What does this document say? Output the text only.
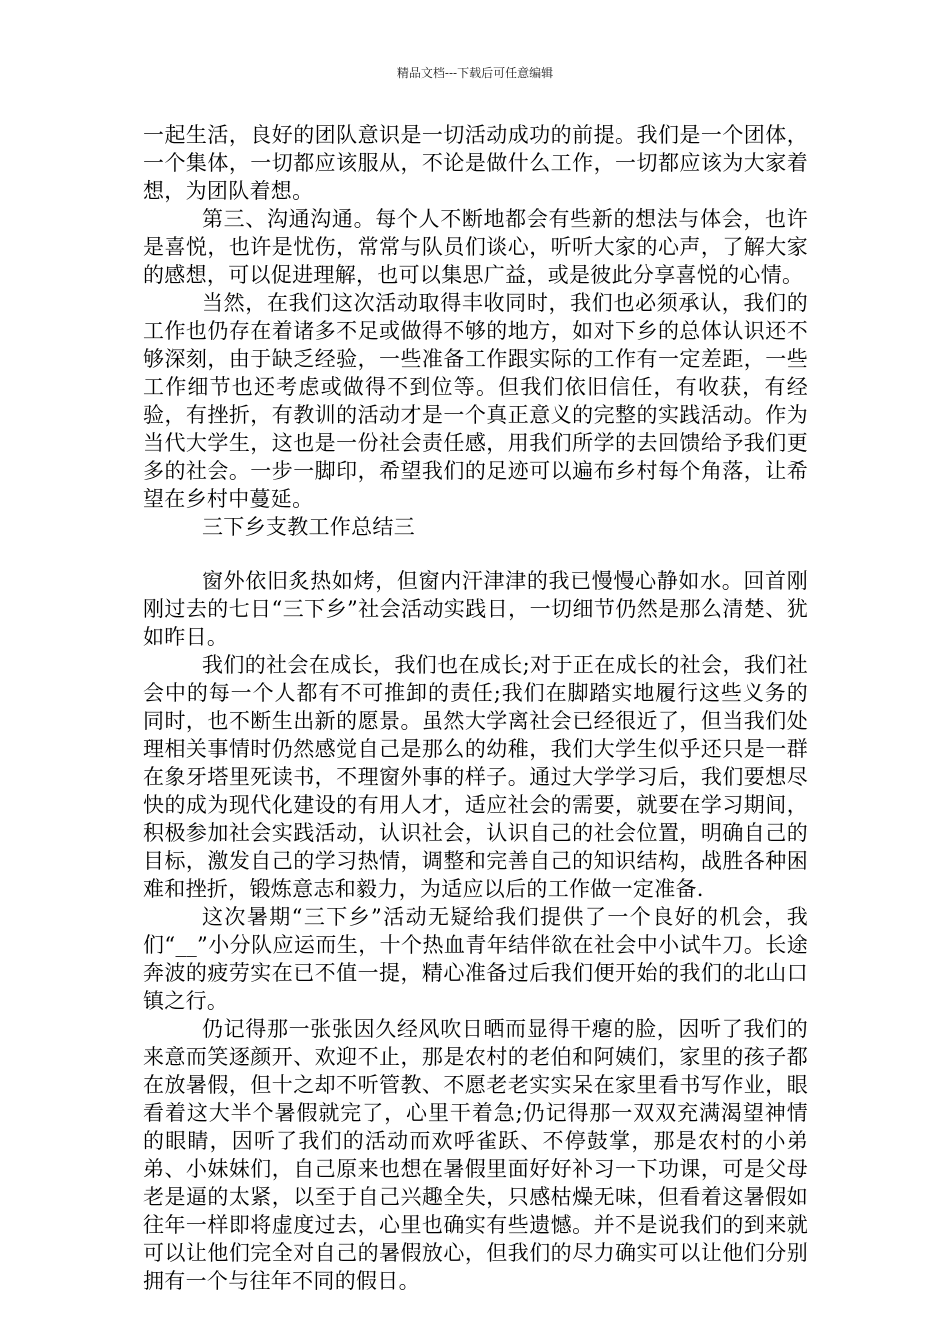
精品文档---下载后可任意编辑

一起生活，良好的团队意识是一切活动成功的前提。我们是一个团体，一个集体，一切都应该服从，不论是做什么工作，一切都应该为大家着想，为团队着想。

第三、沟通沟通。每个人不断地都会有些新的想法与体会，也许是喜悦，也许是忧伤，常常与队员们谈心，听听大家的心声，了解大家的感想，可以促进理解，也可以集思广益，或是彼此分享喜悦的心情。

当然，在我们这次活动取得丰收同时，我们也必须承认，我们的工作也仍存在着诸多不足或做得不够的地方，如对下乡的总体认识还不够深刻，由于缺乏经验，一些准备工作跟实际的工作有一定差距，一些工作细节也还考虑或做得不到位等。但我们依旧信任，有收获，有经验，有挫折，有教训的活动才是一个真正意义的完整的实践活动。作为当代大学生，这也是一份社会责任感，用我们所学的去回馈给予我们更多的社会。一步一脚印，希望我们的足迹可以遍布乡村每个角落，让希望在乡村中蔓延。

三下乡支教工作总结三

窗外依旧炙热如烤，但窗内汗津津的我已慢慢心静如水。回首刚刚过去的七日“三下乡”社会活动实践日，一切细节仍然是那么清楚、犹如昨日。

我们的社会在成长，我们也在成长;对于正在成长的社会，我们社会中的每一个人都有不可推卸的责任;我们在脚踏实地履行这些义务的同时，也不断生出新的愿景。虽然大学离社会已经很近了，但当我们处理相关事情时仍然感觉自己是那么的幼稚，我们大学生似乎还只是一群在象牙塔里死读书，不理窗外事的样子。通过大学学习后，我们要想尽快的成为现代化建设的有用人才，适应社会的需要，就要在学习期间，积极参加社会实践活动，认识社会，认识自己的社会位置，明确自己的目标，激发自己的学习热情，调整和完善自己的知识结构，战胜各种困难和挫折，锻炼意志和毅力，为适应以后的工作做一定准备.

这次暑期“三下乡”活动无疑给我们提供了一个良好的机会，我们“__”小分队应运而生，十个热血青年结伴欲在社会中小试牛刀。长途奔波的疲劳实在已不值一提，精心准备过后我们便开始的我们的北山口镇之行。

仍记得那一张张因久经风吹日晒而显得干瘪的脸，因听了我们的来意而笑逐颜开、欢迎不止，那是农村的老伯和阿姨们，家里的孩子都在放暑假，但十之却不听管教、不愿老老实实呆在家里看书写作业，眼看着这大半个暑假就完了，心里干着急;仍记得那一双双充满渴望神情的眼睛，因听了我们的活动而欢呼雀跃、不停鼓掌，那是农村的小弟弟、小妹妹们，自己原来也想在暑假里面好好补习一下功课，可是父母老是逼的太紧，以至于自己兴趣全失，只感枯燥无味，但看着这暑假如往年一样即将虚度过去，心里也确实有些遗憾。并不是说我们的到来就可以让他们完全对自己的暑假放心，但我们的尽力确实可以让他们分别拥有一个与往年不同的假日。
